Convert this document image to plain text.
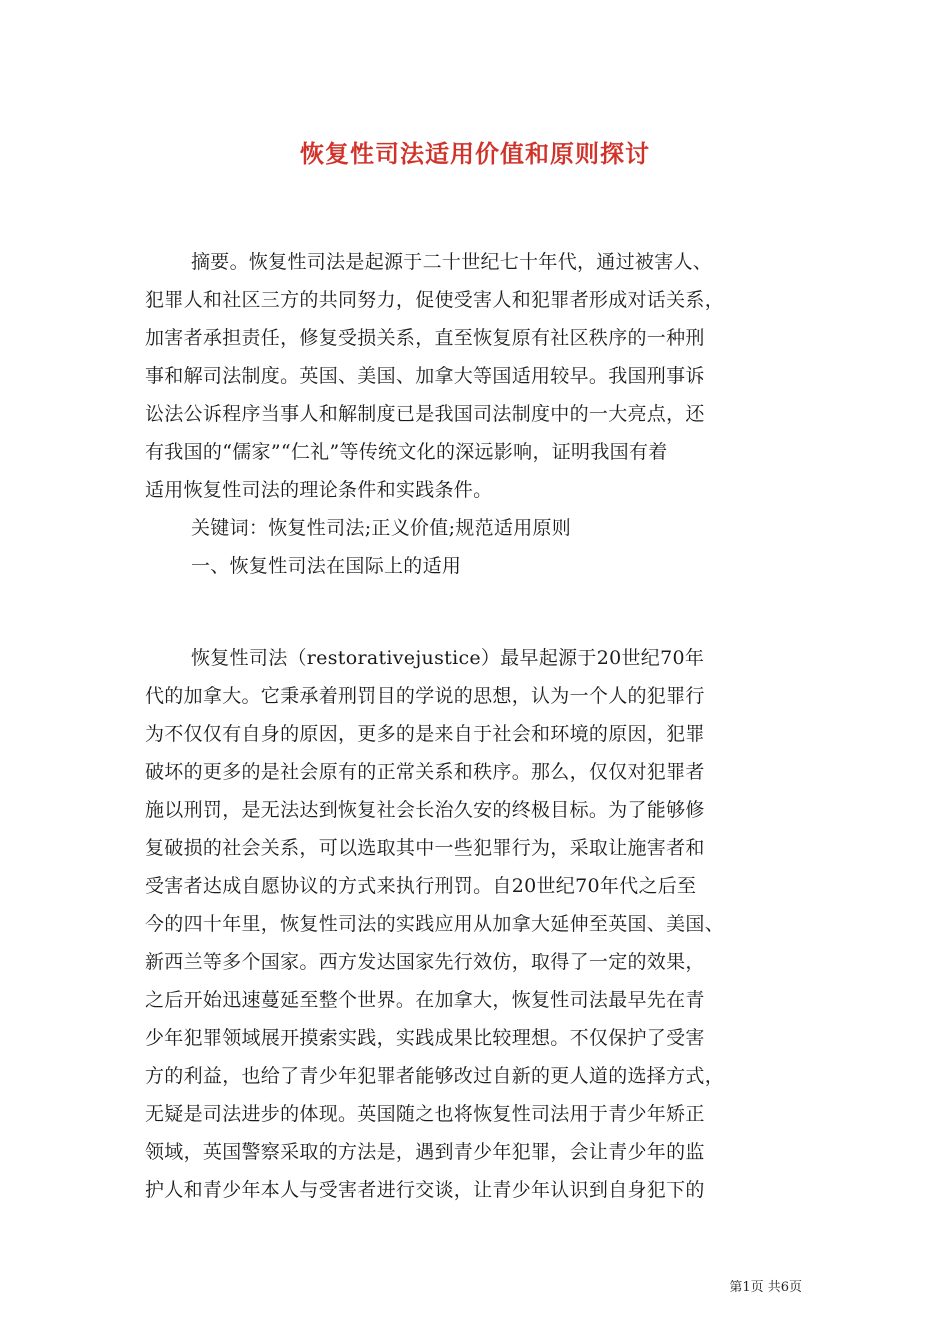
恢复性司法适用价值和原则探讨
摘要。恢复性司法是起源于二十世纪七十年代，通过被害人、
犯罪人和社区三方的共同努力，促使受害人和犯罪者形成对话关系，
加害者承担责任，修复受损关系，直至恢复原有社区秩序的一种刑
事和解司法制度。英国、美国、加拿大等国适用较早。我国刑事诉
讼法公诉程序当事人和解制度已是我国司法制度中的一大亮点，还
有我国的“儒家”“仁礼”等传统文化的深远影响，证明我国有着
适用恢复性司法的理论条件和实践条件。
关键词：恢复性司法;正义价值;规范适用原则
一、恢复性司法在国际上的适用
恢复性司法（restorativejustice）最早起源于20世纪70年
代的加拿大。它秉承着刑罚目的学说的思想，认为一个人的犯罪行
为不仅仅有自身的原因，更多的是来自于社会和环境的原因，犯罪
破坏的更多的是社会原有的正常关系和秩序。那么，仅仅对犯罪者
施以刑罚，是无法达到恢复社会长治久安的终极目标。为了能够修
复破损的社会关系，可以选取其中一些犯罪行为，采取让施害者和
受害者达成自愿协议的方式来执行刑罚。自20世纪70年代之后至
今的四十年里，恢复性司法的实践应用从加拿大延伸至英国、美国、
新西兰等多个国家。西方发达国家先行效仿，取得了一定的效果，
之后开始迅速蔓延至整个世界。在加拿大，恢复性司法最早先在青
少年犯罪领域展开摸索实践，实践成果比较理想。不仅保护了受害
方的利益，也给了青少年犯罪者能够改过自新的更人道的选择方式，
无疑是司法进步的体现。英国随之也将恢复性司法用于青少年矫正
领域，英国警察采取的方法是，遇到青少年犯罪，会让青少年的监
护人和青少年本人与受害者进行交谈，让青少年认识到自身犯下的
第1页 共6页
